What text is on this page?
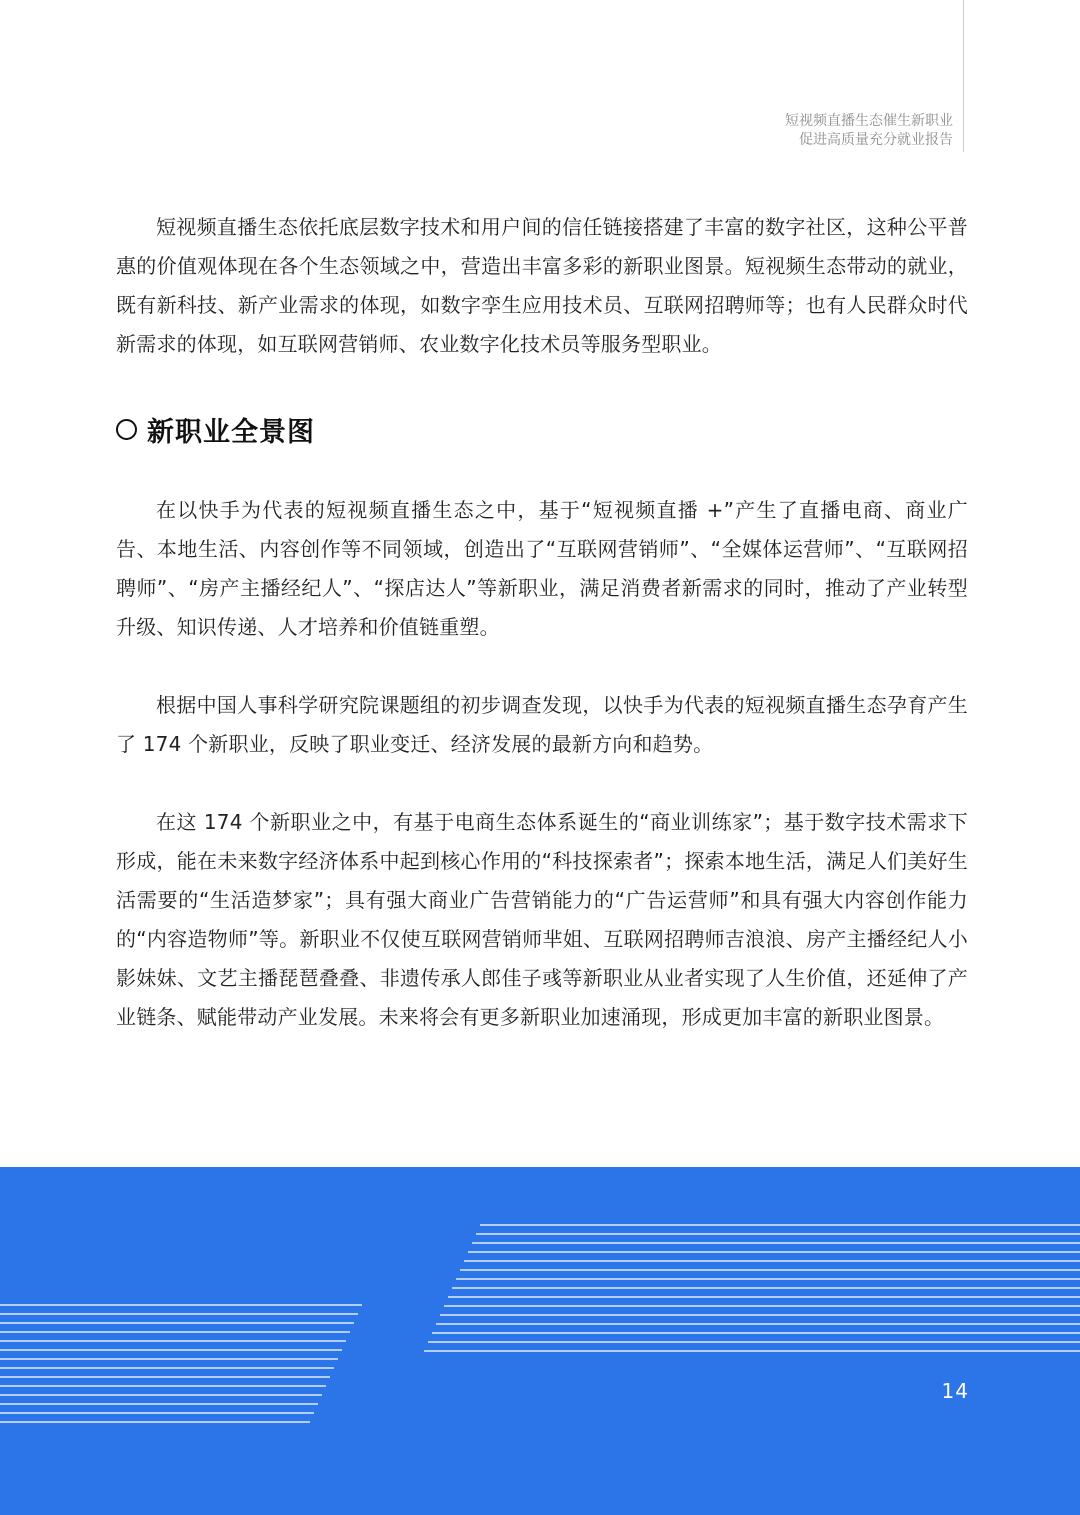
短视频直播生态催生新职业
促进高质量充分就业报告

短视频直播生态依托底层数字技术和用户间的信任链接搭建了丰富的数字社区，这种公平普惠的价值观体现在各个生态领域之中，营造出丰富多彩的新职业图景。短视频生态带动的就业，既有新科技、新产业需求的体现，如数字孪生应用技术员、互联网招聘师等；也有人民群众时代新需求的体现，如互联网营销师、农业数字化技术员等服务型职业。

新职业全景图

在以快手为代表的短视频直播生态之中，基于“短视频直播 +”产生了直播电商、商业广告、本地生活、内容创作等不同领域，创造出了“互联网营销师”、“全媒体运营师”、“互联网招聘师”、“房产主播经纪人”、“探店达人”等新职业，满足消费者新需求的同时，推动了产业转型升级、知识传递、人才培养和价值链重塑。

根据中国人事科学研究院课题组的初步调查发现，以快手为代表的短视频直播生态孕育产生了 174 个新职业，反映了职业变迁、经济发展的最新方向和趋势。

在这 174 个新职业之中，有基于电商生态体系诞生的“商业训练家”；基于数字技术需求下形成，能在未来数字经济体系中起到核心作用的“科技探索者”；探索本地生活，满足人们美好生活需要的“生活造梦家”；具有强大商业广告营销能力的“广告运营师”和具有强大内容创作能力的“内容造物师”等。新职业不仅使互联网营销师芈姐、互联网招聘师吉浪浪、房产主播经纪人小影妹妹、文艺主播琵琶叠叠、非遗传承人郎佳子彧等新职业从业者实现了人生价值，还延伸了产业链条、赋能带动产业发展。未来将会有更多新职业加速涌现，形成更加丰富的新职业图景。

14
